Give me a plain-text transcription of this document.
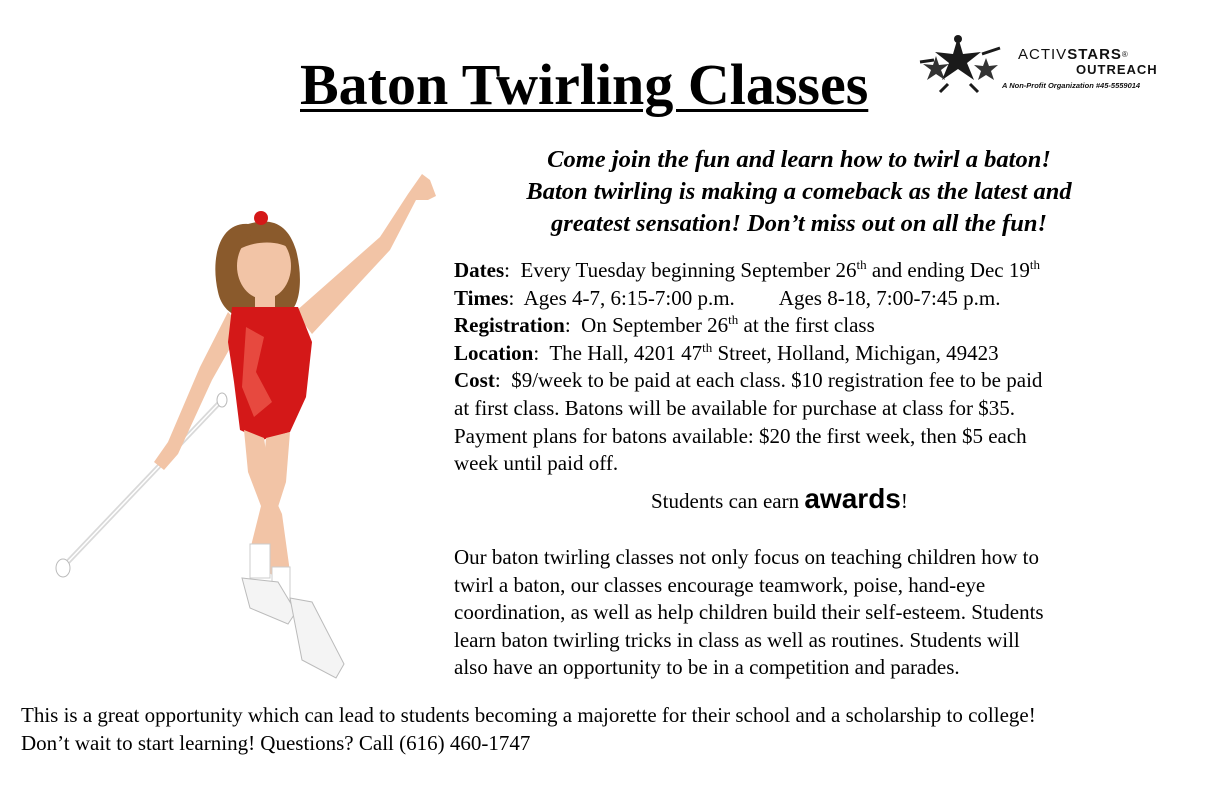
Baton Twirling Classes	ACTIVSTARS®
OUTREACH
A Non-Profit Organization #45-5559014
Come join the fun and learn how to twirl a baton!
Baton twirling is making a comeback as the latest and
greatest sensation! Don’t miss out on all the fun!
Dates:  Every Tuesday beginning September 26th and ending Dec 19th
Times:  Ages 4-7, 6:15-7:00 p.m. Ages 8-18, 7:00-7:45 p.m.
Registration:  On September 26th at the first class
Location:  The Hall, 4201 47th Street, Holland, Michigan, 49423
Cost:  $9/week to be paid at each class. $10 registration fee to be paid
at first class. Batons will be available for purchase at class for $35.
Payment plans for batons available: $20 the first week, then $5 each
week until paid off.
Students can earn awards!
Our baton twirling classes not only focus on teaching children how to
twirl a baton, our classes encourage teamwork, poise, hand-eye
coordination, as well as help children build their self-esteem. Students
learn baton twirling tricks in class as well as routines. Students will
also have an opportunity to be in a competition and parades.
This is a great opportunity which can lead to students becoming a majorette for their school and a scholarship to college!
Don’t wait to start learning! Questions? Call (616) 460-1747
